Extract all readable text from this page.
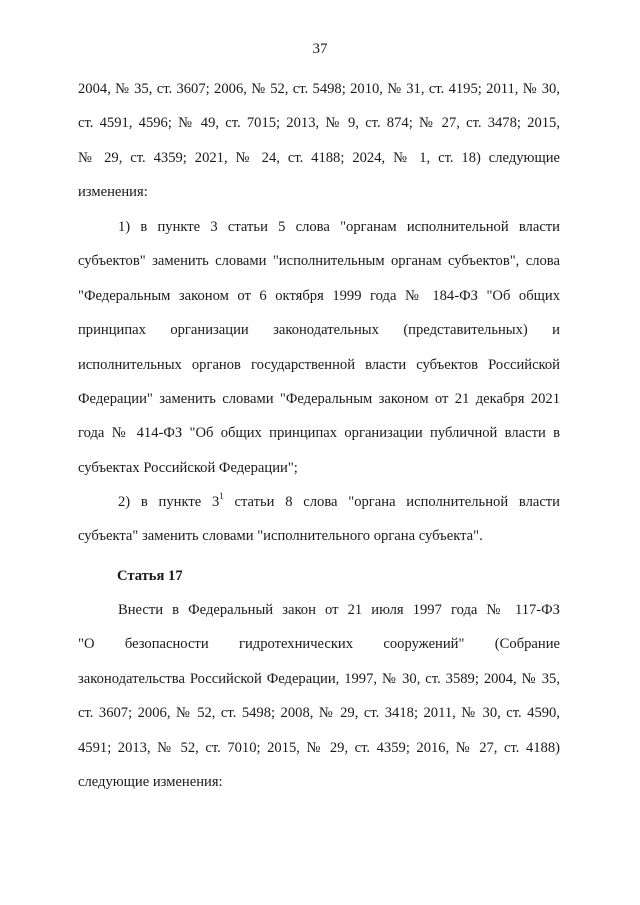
37
2004, № 35, ст. 3607; 2006, № 52, ст. 5498; 2010, № 31, ст. 4195; 2011, № 30,
ст. 4591, 4596; № 49, ст. 7015; 2013, № 9, ст. 874; № 27, ст. 3478; 2015,
№ 29, ст. 4359; 2021, № 24, ст. 4188; 2024, № 1, ст. 18) следующие
изменения:
1) в пункте 3 статьи 5 слова "органам исполнительной власти
субъектов" заменить словами "исполнительным органам субъектов", слова
"Федеральным законом от 6 октября 1999 года № 184-ФЗ "Об общих
принципах организации законодательных (представительных) и
исполнительных органов государственной власти субъектов Российской
Федерации" заменить словами "Федеральным законом от 21 декабря 2021
года № 414-ФЗ "Об общих принципах организации публичной власти в
субъектах Российской Федерации";
2) в пункте $3^1$ статьи 8 слова "органа исполнительной власти
субъекта" заменить словами "исполнительного органа субъекта".
Статья 17
Внести в Федеральный закон от 21 июля 1997 года № 117-ФЗ
"О безопасности гидротехнических сооружений" (Собрание
законодательства Российской Федерации, 1997, № 30, ст. 3589; 2004, № 35,
ст. 3607; 2006, № 52, ст. 5498; 2008, № 29, ст. 3418; 2011, № 30, ст. 4590,
4591; 2013, № 52, ст. 7010; 2015, № 29, ст. 4359; 2016, № 27, ст. 4188)
следующие изменения:
